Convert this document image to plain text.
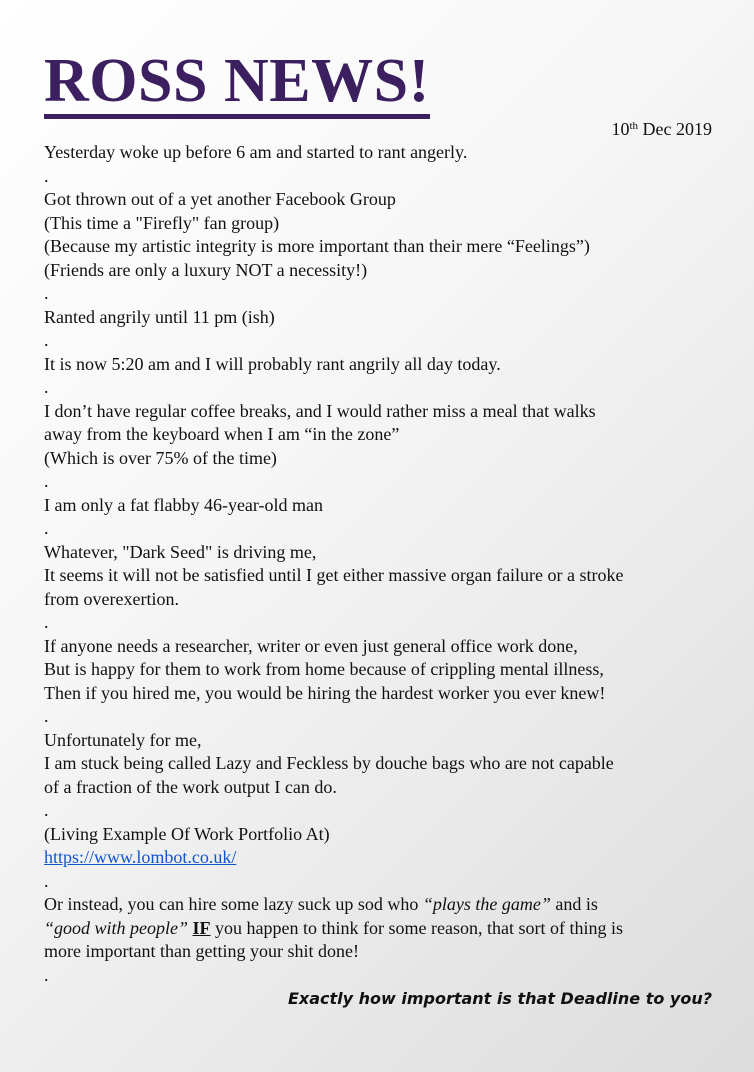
ROSS NEWS!
10th Dec 2019
Yesterday woke up before 6 am and started to rant angerly.
.
Got thrown out of a yet another Facebook Group
(This time a "Firefly" fan group)
(Because my artistic integrity is more important than their mere “Feelings”)
(Friends are only a luxury NOT a necessity!)
.
Ranted angrily until 11 pm (ish)
.
It is now 5:20 am and I will probably rant angrily all day today.
.
I don’t have regular coffee breaks, and I would rather miss a meal that walks
away from the keyboard when I am “in the zone”
(Which is over 75% of the time)
.
I am only a fat flabby 46-year-old man
.
Whatever, "Dark Seed" is driving me,
It seems it will not be satisfied until I get either massive organ failure or a stroke
from overexertion.
.
If anyone needs a researcher, writer or even just general office work done,
But is happy for them to work from home because of crippling mental illness,
Then if you hired me, you would be hiring the hardest worker you ever knew!
.
Unfortunately for me,
I am stuck being called Lazy and Feckless by douche bags who are not capable
of a fraction of the work output I can do.
.
(Living Example Of Work Portfolio At)
https://www.lombot.co.uk/
.
Or instead, you can hire some lazy suck up sod who “plays the game” and is
“good with people” IF you happen to think for some reason, that sort of thing is
more important than getting your shit done!
.
Exactly how important is that Deadline to you?
